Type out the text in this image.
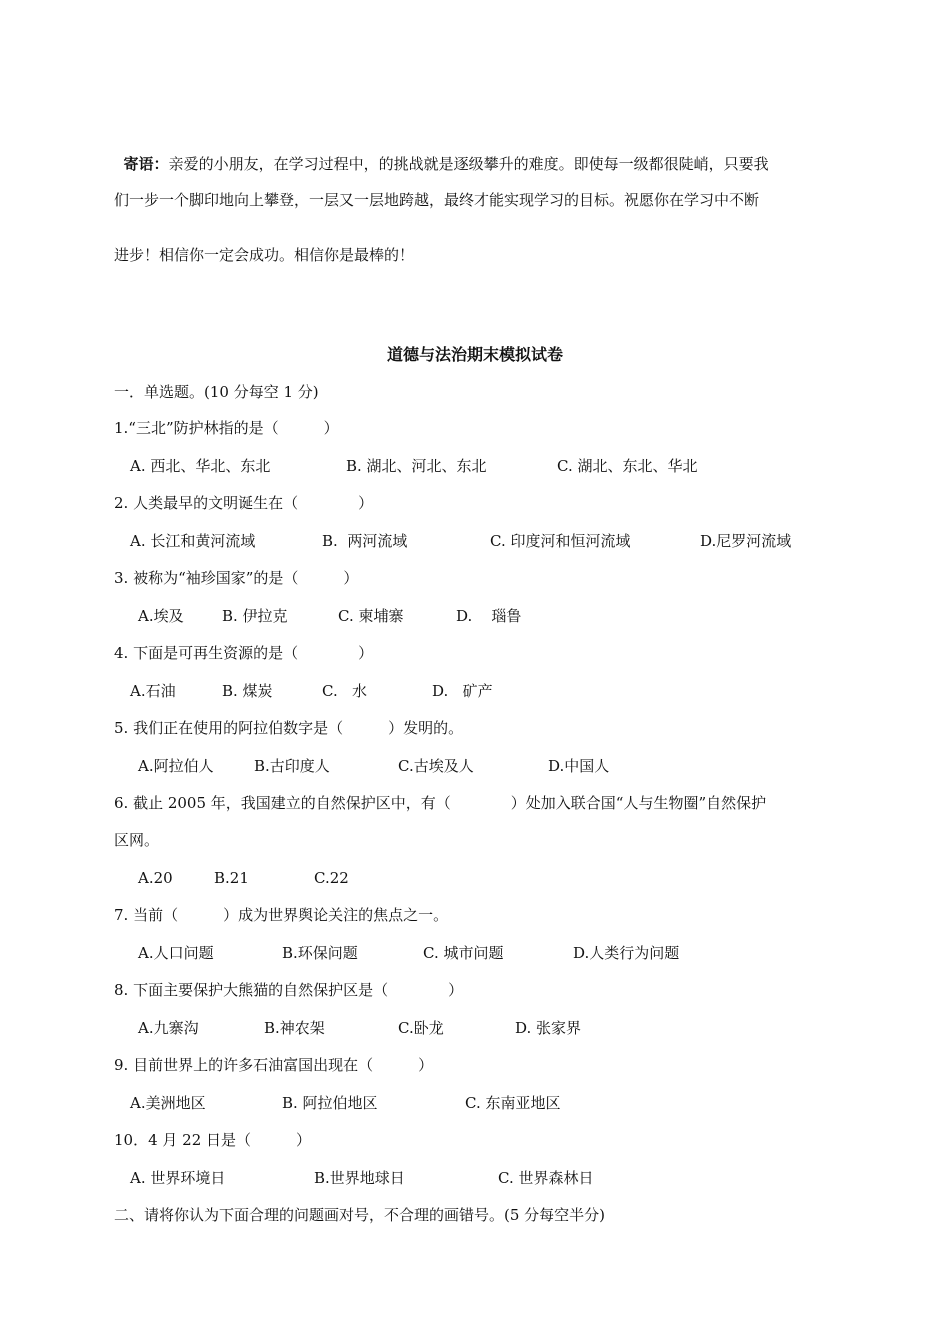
寄语：亲爱的小朋友，在学习过程中，的挑战就是逐级攀升的难度。即使每一级都很陡峭，只要我

们一步一个脚印地向上攀登，一层又一层地跨越，最终才能实现学习的目标。祝愿你在学习中不断
进步！相信你一定会成功。相信你是最棒的！
道德与法治期末模拟试卷
一．单选题。(10 分每空 1 分)
1.“三北”防护林指的是（　　　）
A. 西北、华北、东北	B. 湖北、河北、东北	C. 湖北、东北、华北
2. 人类最早的文明诞生在（　　　　）
A. 长江和黄河流域	B.  两河流域	C. 印度河和恒河流域	D.尼罗河流域
3. 被称为“袖珍国家”的是（　　　）
A.埃及	B. 伊拉克	C. 柬埔寨	D.    瑙鲁
4. 下面是可再生资源的是（　　　　）
A.石油	B. 煤炭	C.   水	D.   矿产
5. 我们正在使用的阿拉伯数字是（　　　）发明的。
A.阿拉伯人	B.古印度人	C.古埃及人	D.中国人
6. 截止 2005 年，我国建立的自然保护区中，有（　　　　）处加入联合国“人与生物圈”自然保护
区网。
A.20	B.21	C.22
7. 当前（　　　）成为世界舆论关注的焦点之一。
A.人口问题	B.环保问题	C. 城市问题	D.人类行为问题
8. 下面主要保护大熊猫的自然保护区是（　　　　）
A.九寨沟	B.神农架	C.卧龙	D. 张家界
9. 目前世界上的许多石油富国出现在（　　　）
A.美洲地区	B. 阿拉伯地区	C. 东南亚地区
10．4 月 22 日是（　　　）
A. 世界环境日	B.世界地球日	C. 世界森林日
二、请将你认为下面合理的问题画对号，不合理的画错号。(5 分每空半分)
